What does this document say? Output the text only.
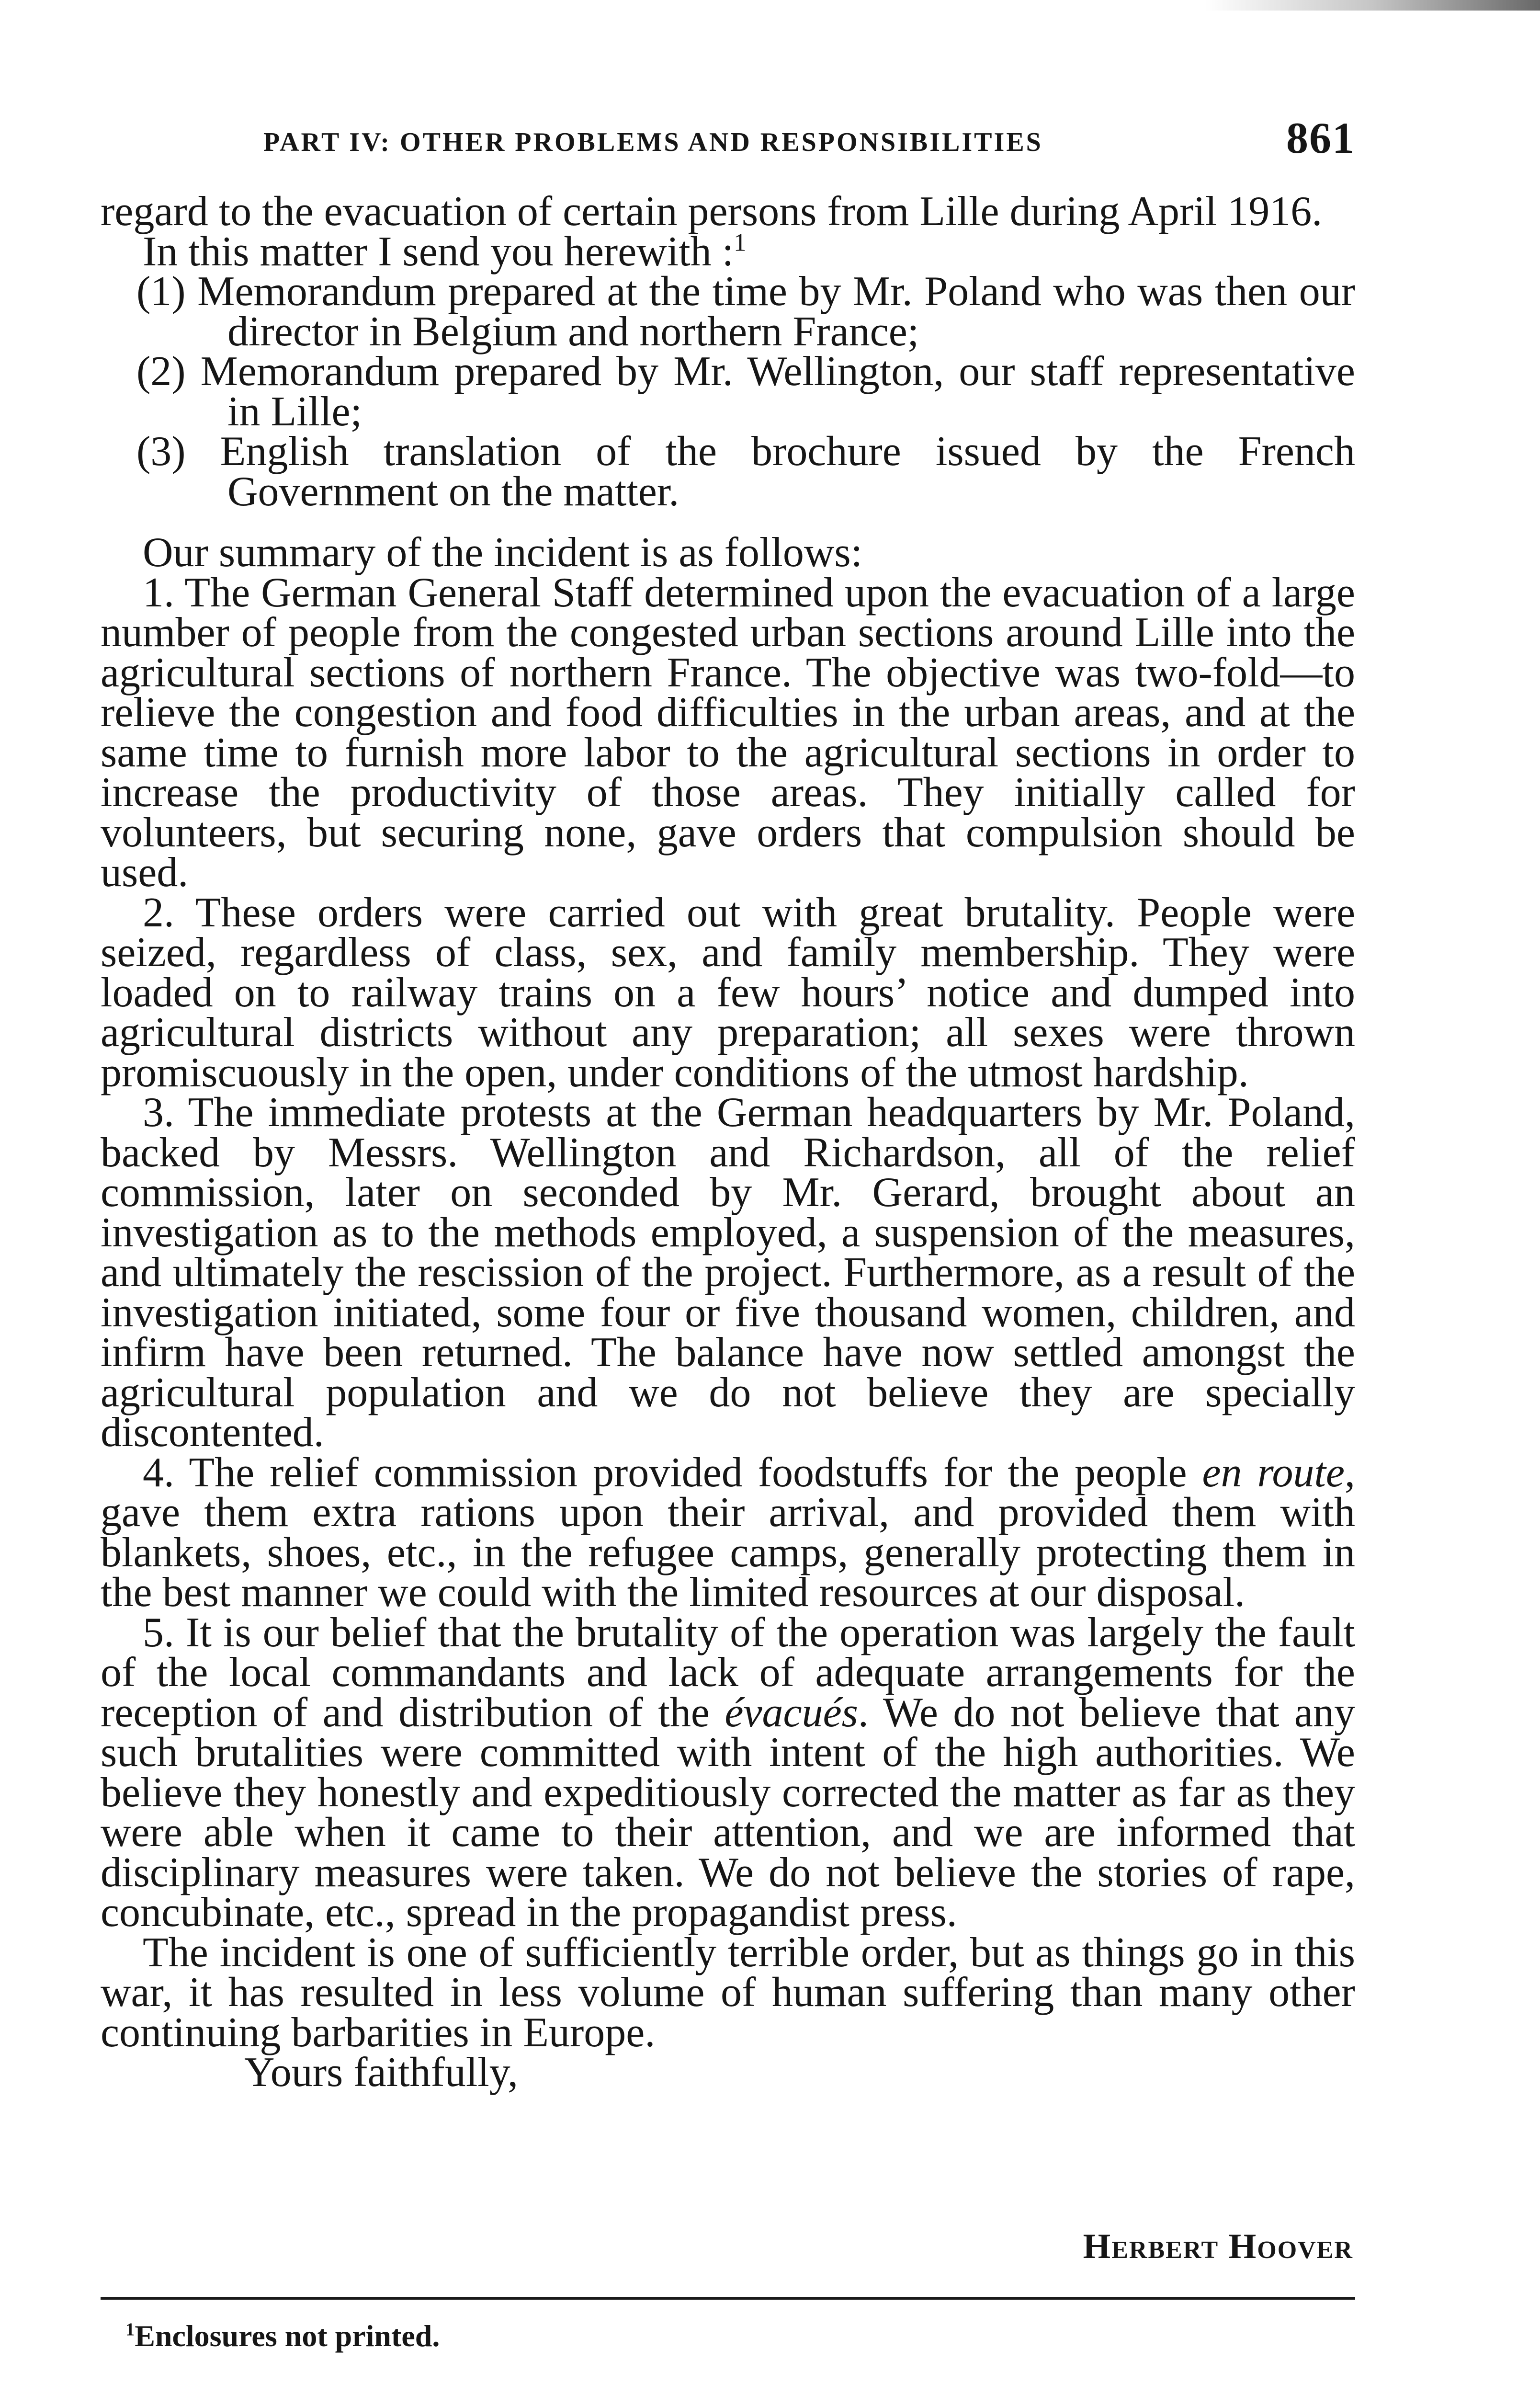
PART IV: OTHER PROBLEMS AND RESPONSIBILITIES	861

regard to the evacuation of certain persons from Lille during April 1916.

In this matter I send you herewith :$^1$

(1) Memorandum prepared at the time by Mr. Poland who was then our director in Belgium and northern France;

(2) Memorandum prepared by Mr. Wellington, our staff representative in Lille;

(3) English translation of the brochure issued by the French Government on the matter.

Our summary of the incident is as follows:

1. The German General Staff determined upon the evacuation of a large number of people from the congested urban sections around Lille into the agricultural sections of northern France. The objective was two-fold—to relieve the congestion and food difficulties in the urban areas, and at the same time to furnish more labor to the agricultural sections in order to increase the productivity of those areas. They initially called for volunteers, but securing none, gave orders that compulsion should be used.

2. These orders were carried out with great brutality. People were seized, regardless of class, sex, and family membership. They were loaded on to railway trains on a few hours’ notice and dumped into agricultural districts without any preparation; all sexes were thrown promiscuously in the open, under conditions of the utmost hardship.

3. The immediate protests at the German headquarters by Mr. Poland, backed by Messrs. Wellington and Richardson, all of the relief commission, later on seconded by Mr. Gerard, brought about an investigation as to the methods employed, a suspension of the measures, and ultimately the rescission of the project. Furthermore, as a result of the investigation initiated, some four or five thousand women, children, and infirm have been returned. The balance have now settled amongst the agricultural population and we do not believe they are specially discontented.

4. The relief commission provided foodstuffs for the people en route, gave them extra rations upon their arrival, and provided them with blankets, shoes, etc., in the refugee camps, generally protecting them in the best manner we could with the limited resources at our disposal.

5. It is our belief that the brutality of the operation was largely the fault of the local commandants and lack of adequate arrangements for the reception of and distribution of the évacués. We do not believe that any such brutalities were committed with intent of the high authorities. We believe they honestly and expeditiously corrected the matter as far as they were able when it came to their attention, and we are informed that disciplinary measures were taken. We do not believe the stories of rape, concubinate, etc., spread in the propagandist press.

The incident is one of sufficiently terrible order, but as things go in this war, it has resulted in less volume of human suffering than many other continuing barbarities in Europe.

Yours faithfully,

Herbert Hoover
$^1$Enclosures not printed.
